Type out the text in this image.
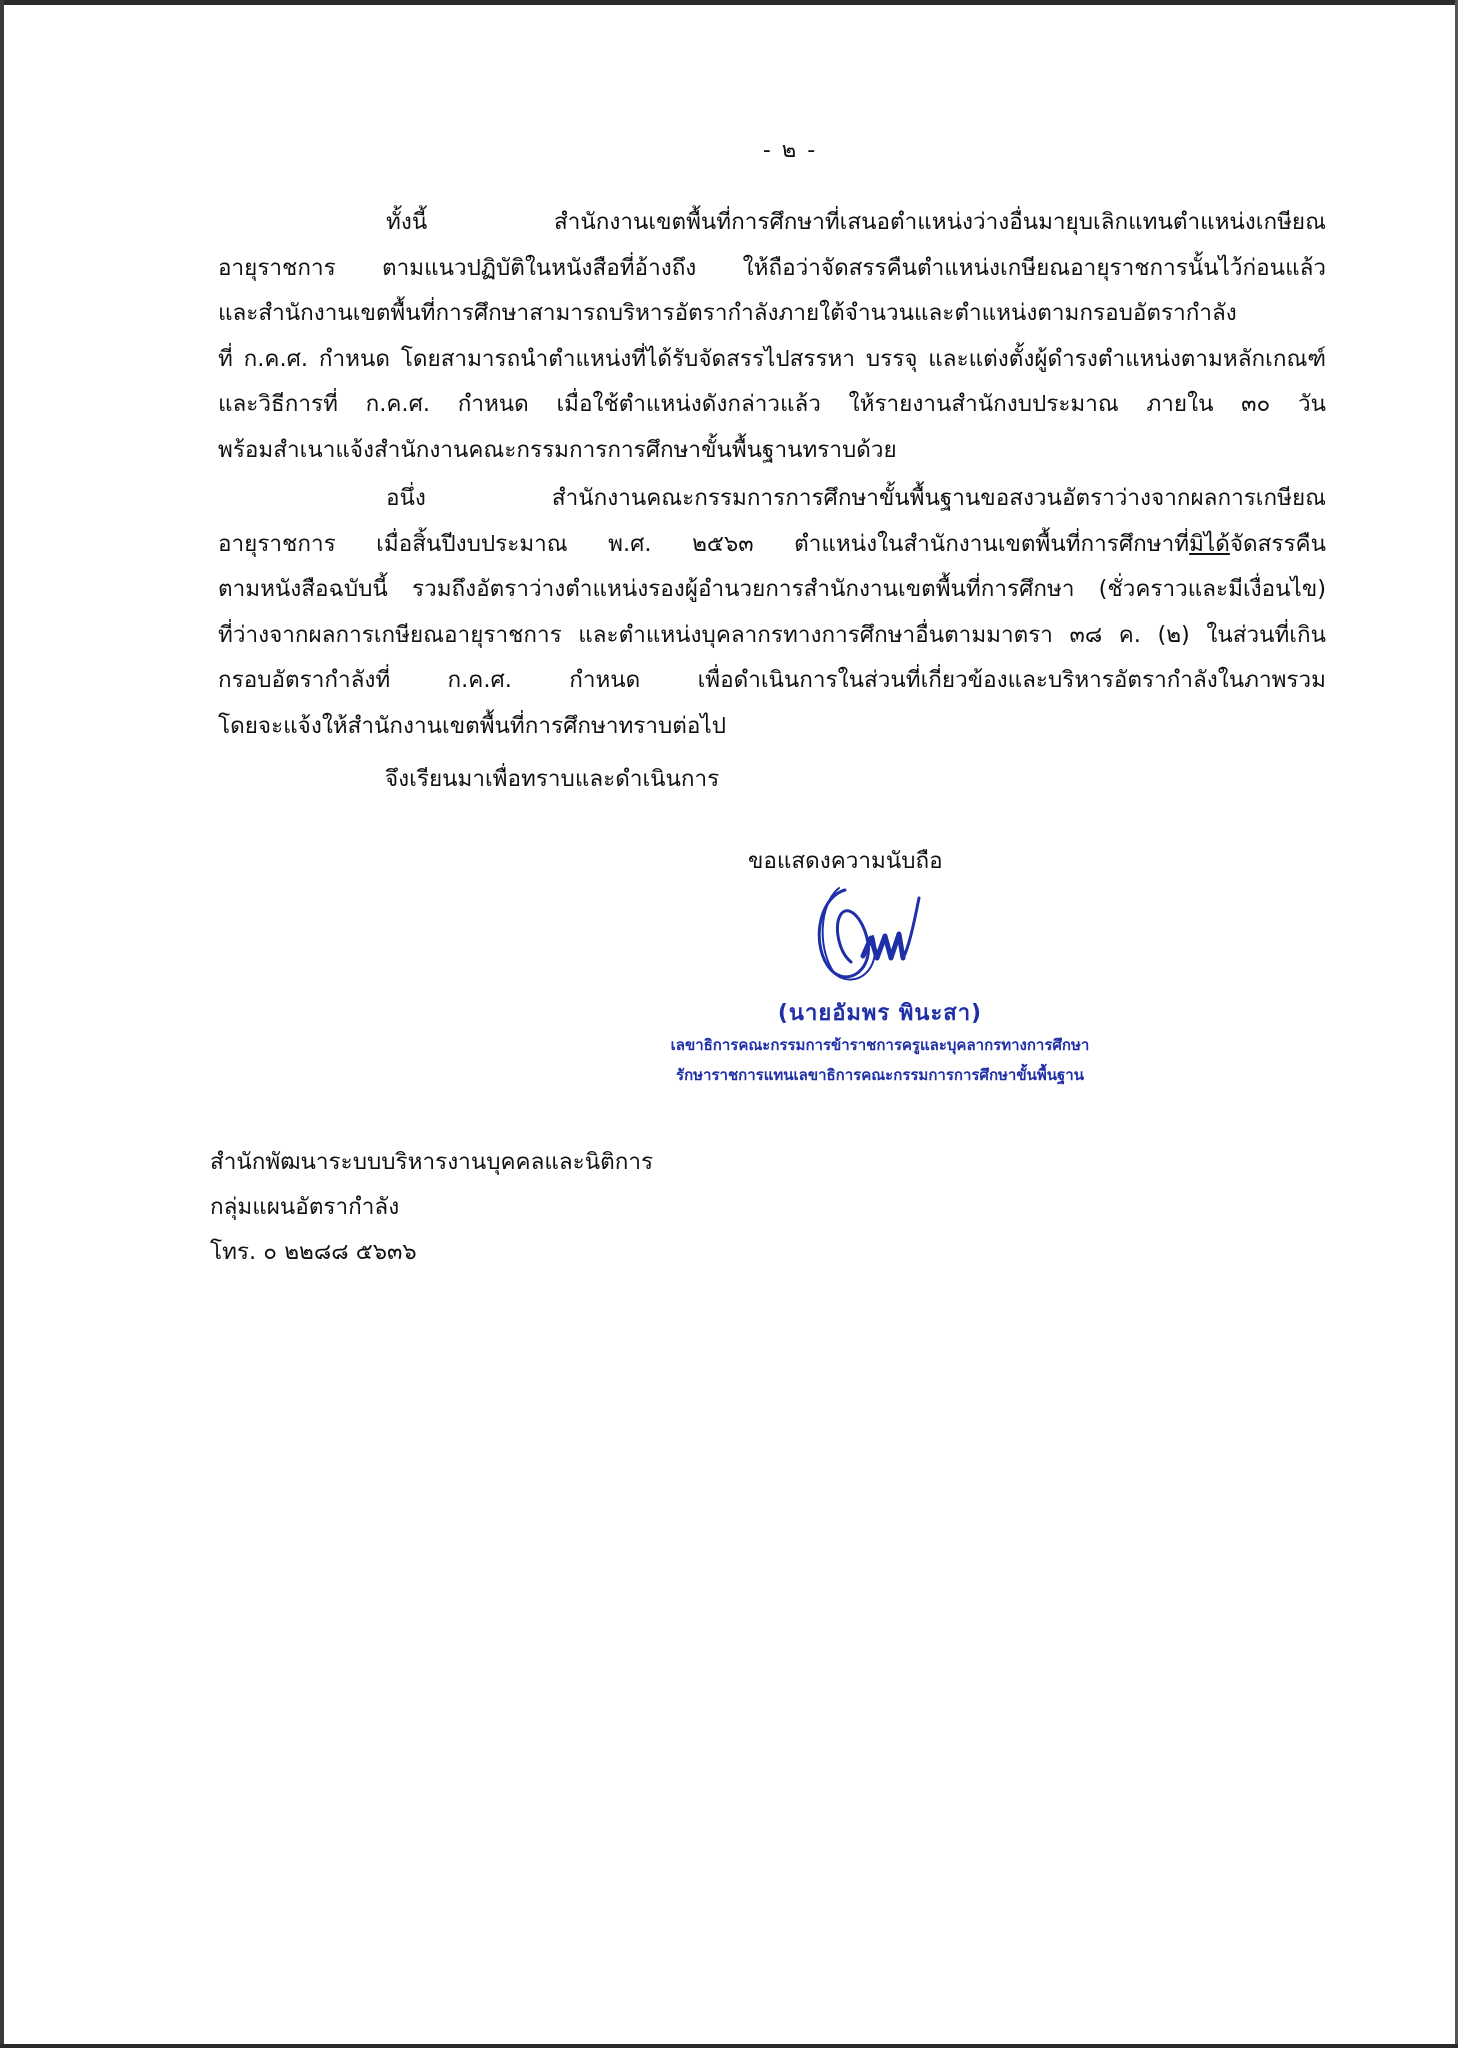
- ๒ -
ทั้งนี้ สำนักงานเขตพื้นที่การศึกษาที่เสนอตำแหน่งว่างอื่นมายุบเลิกแทนตำแหน่งเกษียณ
อายุราชการ ตามแนวปฏิบัติในหนังสือที่อ้างถึง ให้ถือว่าจัดสรรคืนตำแหน่งเกษียณอายุราชการนั้นไว้ก่อนแล้ว
และสำนักงานเขตพื้นที่การศึกษาสามารถบริหารอัตรากำลังภายใต้จำนวนและตำแหน่งตามกรอบอัตรากำลัง
ที่ ก.ค.ศ. กำหนด โดยสามารถนำตำแหน่งที่ได้รับจัดสรรไปสรรหา บรรจุ และแต่งตั้งผู้ดำรงตำแหน่งตามหลักเกณฑ์
และวิธีการที่ ก.ค.ศ. กำหนด เมื่อใช้ตำแหน่งดังกล่าวแล้ว ให้รายงานสำนักงบประมาณ ภายใน ๓๐ วัน
พร้อมสำเนาแจ้งสำนักงานคณะกรรมการการศึกษาขั้นพื้นฐานทราบด้วย
อนึ่ง สำนักงานคณะกรรมการการศึกษาขั้นพื้นฐานขอสงวนอัตราว่างจากผลการเกษียณ
อายุราชการ เมื่อสิ้นปีงบประมาณ พ.ศ. ๒๕๖๓ ตำแหน่งในสำนักงานเขตพื้นที่การศึกษาที่มิได้จัดสรรคืน
ตามหนังสือฉบับนี้ รวมถึงอัตราว่างตำแหน่งรองผู้อำนวยการสำนักงานเขตพื้นที่การศึกษา (ชั่วคราวและมีเงื่อนไข)
ที่ว่างจากผลการเกษียณอายุราชการ และตำแหน่งบุคลากรทางการศึกษาอื่นตามมาตรา ๓๘ ค. (๒) ในส่วนที่เกิน
กรอบอัตรากำลังที่ ก.ค.ศ. กำหนด เพื่อดำเนินการในส่วนที่เกี่ยวข้องและบริหารอัตรากำลังในภาพรวม
โดยจะแจ้งให้สำนักงานเขตพื้นที่การศึกษาทราบต่อไป
จึงเรียนมาเพื่อทราบและดำเนินการ
ขอแสดงความนับถือ
(นายอัมพร พินะสา)
เลขาธิการคณะกรรมการข้าราชการครูและบุคลากรทางการศึกษา
รักษาราชการแทนเลขาธิการคณะกรรมการการศึกษาขั้นพื้นฐาน
สำนักพัฒนาระบบบริหารงานบุคคลและนิติการ
กลุ่มแผนอัตรากำลัง
โทร. ๐ ๒๒๘๘ ๕๖๓๖
